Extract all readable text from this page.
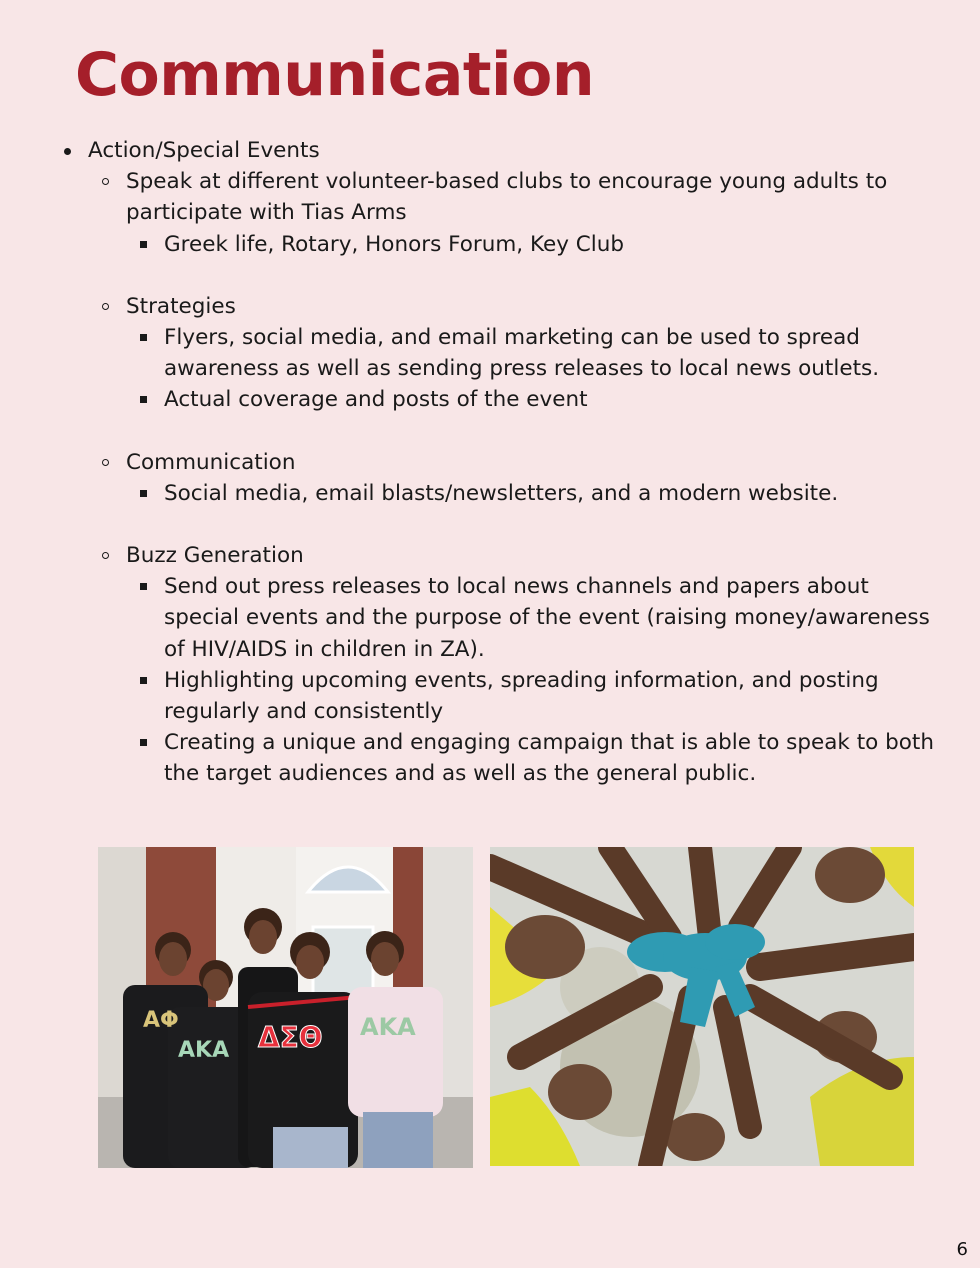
Communication
Action/Special Events
Speak at different volunteer-based clubs to encourage young adults to participate with Tias Arms
Greek life, Rotary, Honors Forum, Key Club
Strategies
Flyers, social media, and email marketing can be used to spread awareness as well as sending press releases to local news outlets.
Actual coverage and posts of the event
Communication
Social media, email blasts/newsletters, and a modern website.
Buzz Generation
Send out press releases to local news channels and papers about special events and the purpose of the event (raising money/awareness of HIV/AIDS in children in ZA).
Highlighting upcoming events, spreading information, and posting regularly and consistently
Creating a unique and engaging campaign that is able to speak to both the target audiences and as well as the general public.
ΑΦ
ΑΚΑ ΔΣΘ ΑΚΑ
6
